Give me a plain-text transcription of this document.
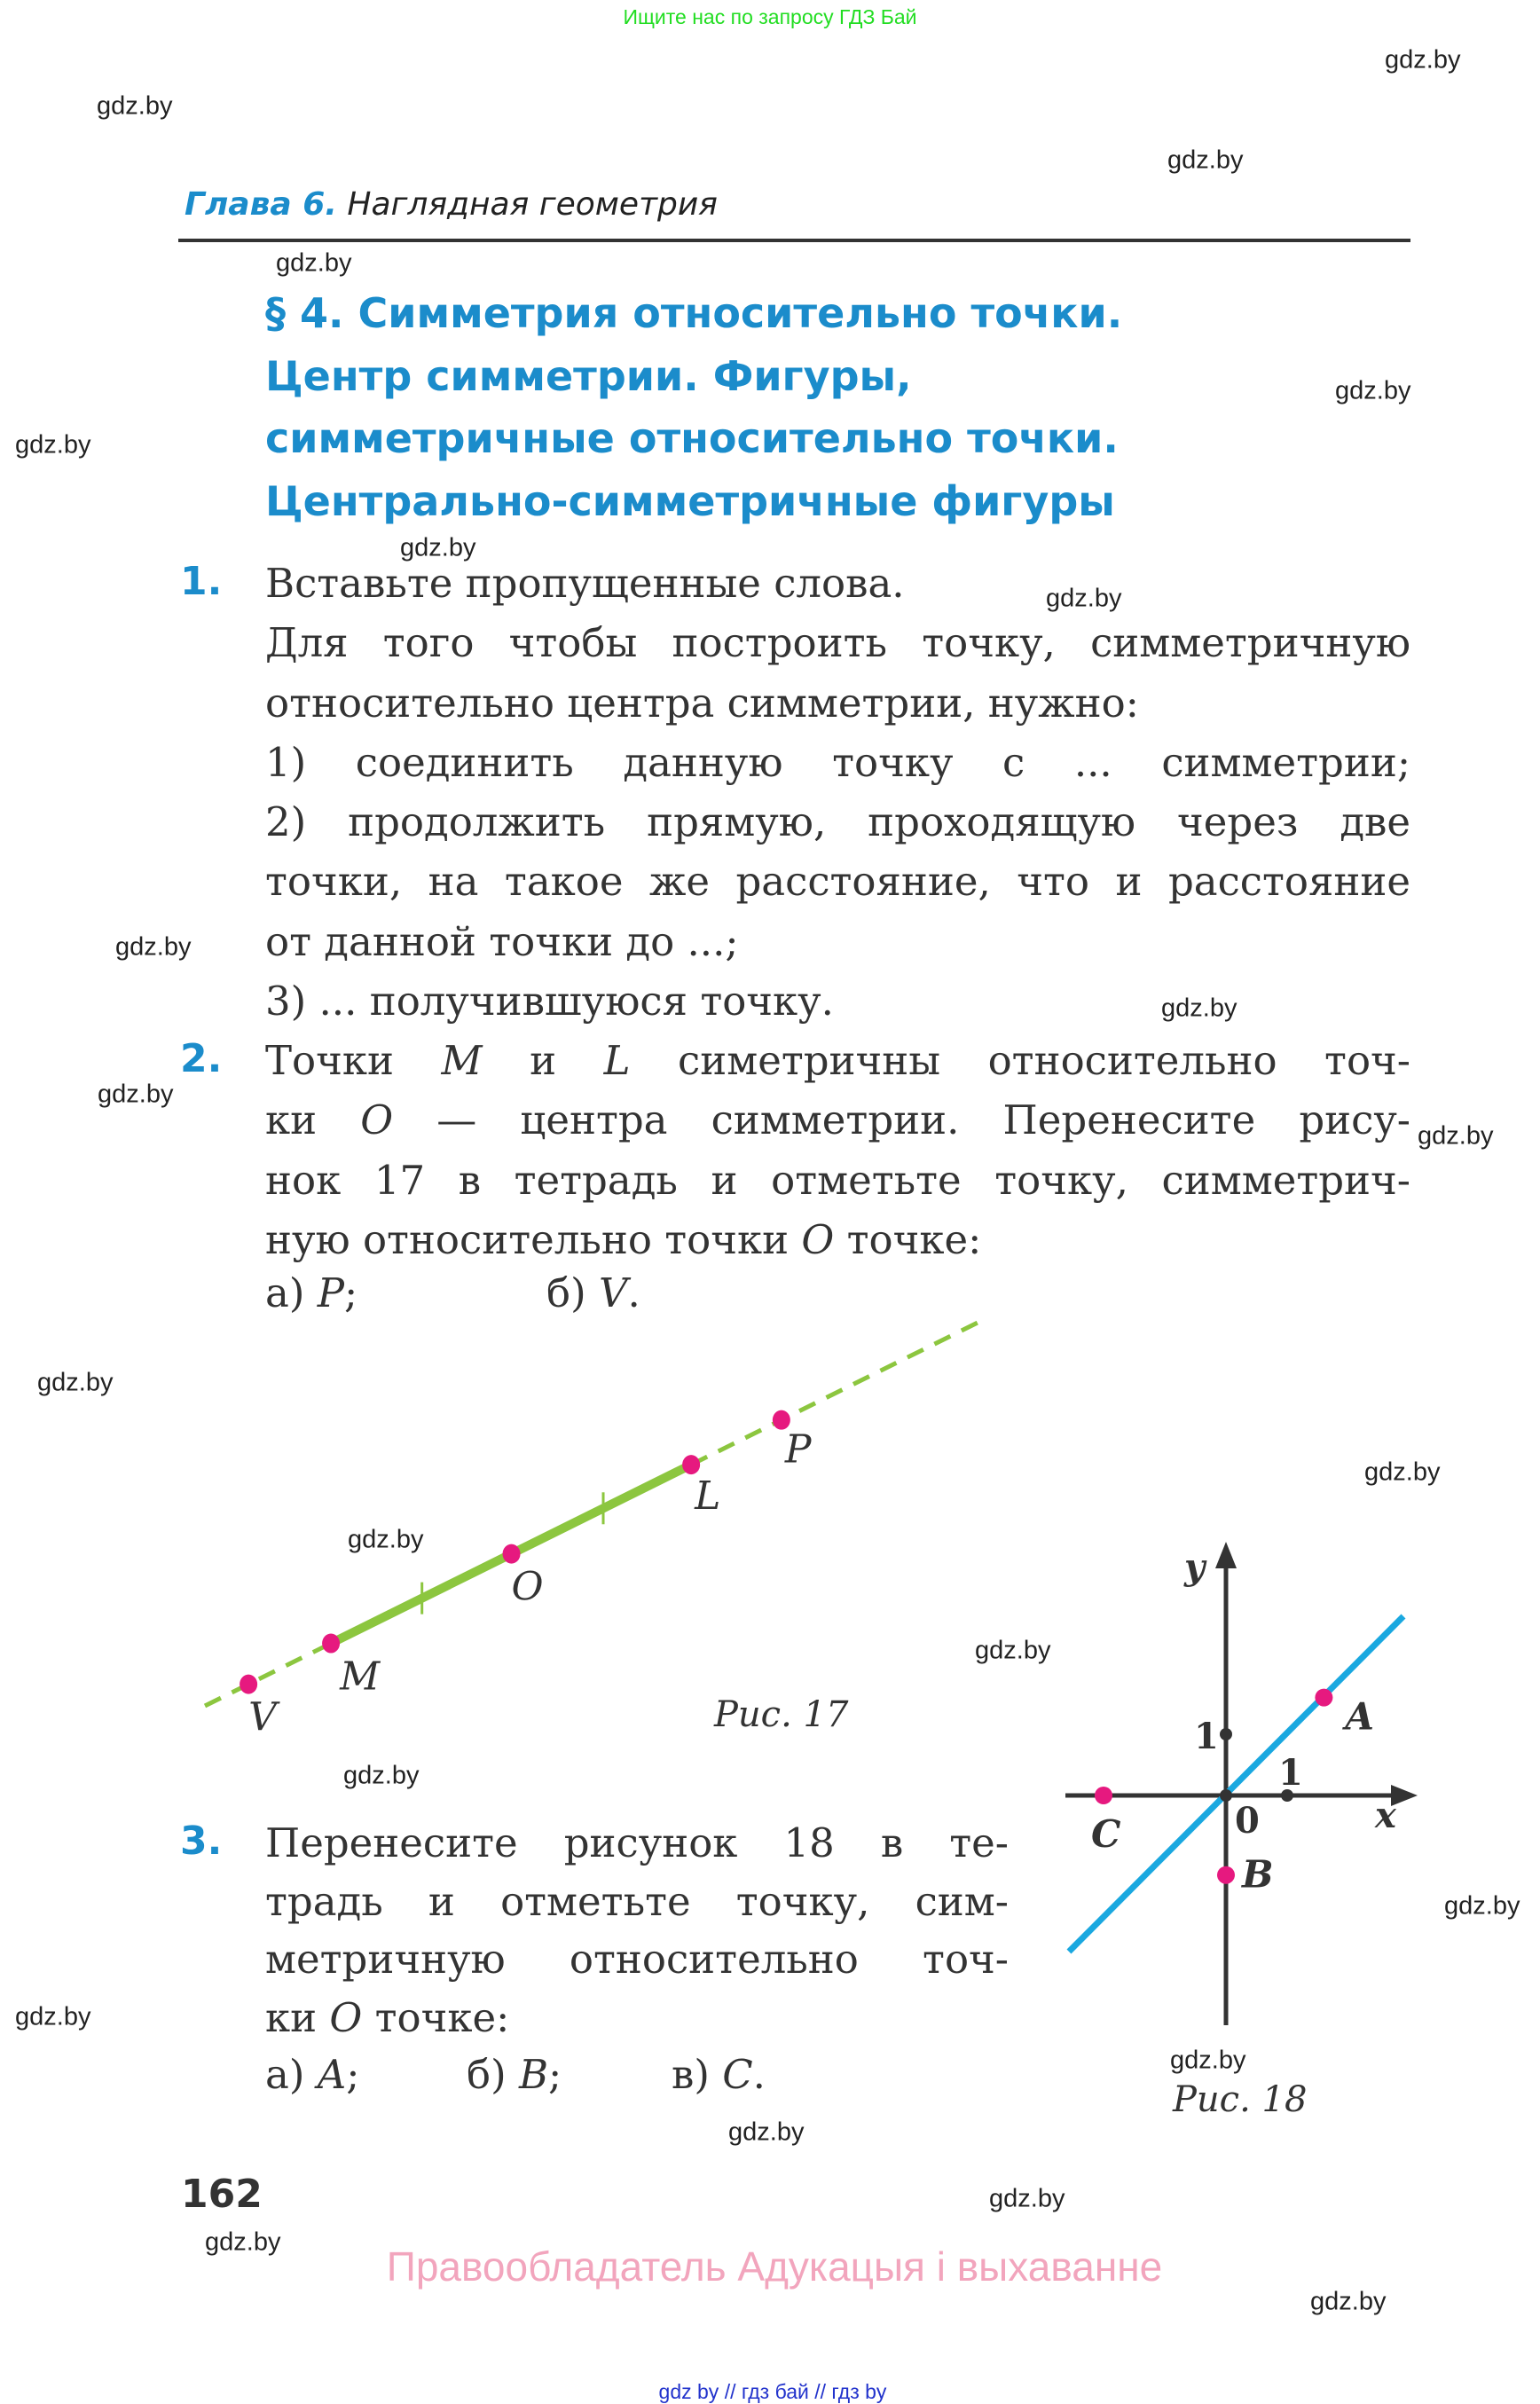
Ищите нас по запросу ГДЗ Бай
Глава 6. Наглядная геометрия
§ 4. Симметрия относительно точки.
Центр симметрии. Фигуры,
симметричные относительно точки.
Центрально-симметричные фигуры
1. Вставьте пропущенные слова.
Для того чтобы построить точку, симметричную
относительно центра симметрии, нужно:
1) соединить данную точку с ... симметрии;
2) продолжить прямую, проходящую через две
точки, на такое же расстояние, что и расстояние
от данной точки до ...;
3) ... получившуюся точку.
2. Точки M и L симетричны относительно точ-
ки O — центра симметрии. Перенесите рису-
нок 17 в тетрадь и отметьте точку, симметрич-
ную относительно точки O точке:
а) P;	б) V.
V
M
O
L
P
Рис. 17
3. Перенесите рисунок 18 в те-
традь и отметьте точку, сим-
метричную относительно точ-
ки O точке:
а) A;	б) B;	в) C.
1
1
0	x
y
A
B
C
Рис. 18
162
Правообладатель Адукацыя і выхаванне
gdz by // гдз бай // гдз by
gdz.by
gdz.by
gdz.by
gdz.by
gdz.by
gdz.by
gdz.by
gdz.by
gdz.by
gdz.by
gdz.by
gdz.by
gdz.by
gdz.by
gdz.by
gdz.by
gdz.by
gdz.by
gdz.by
gdz.by
gdz.by
gdz.by
gdz.by
gdz.by
